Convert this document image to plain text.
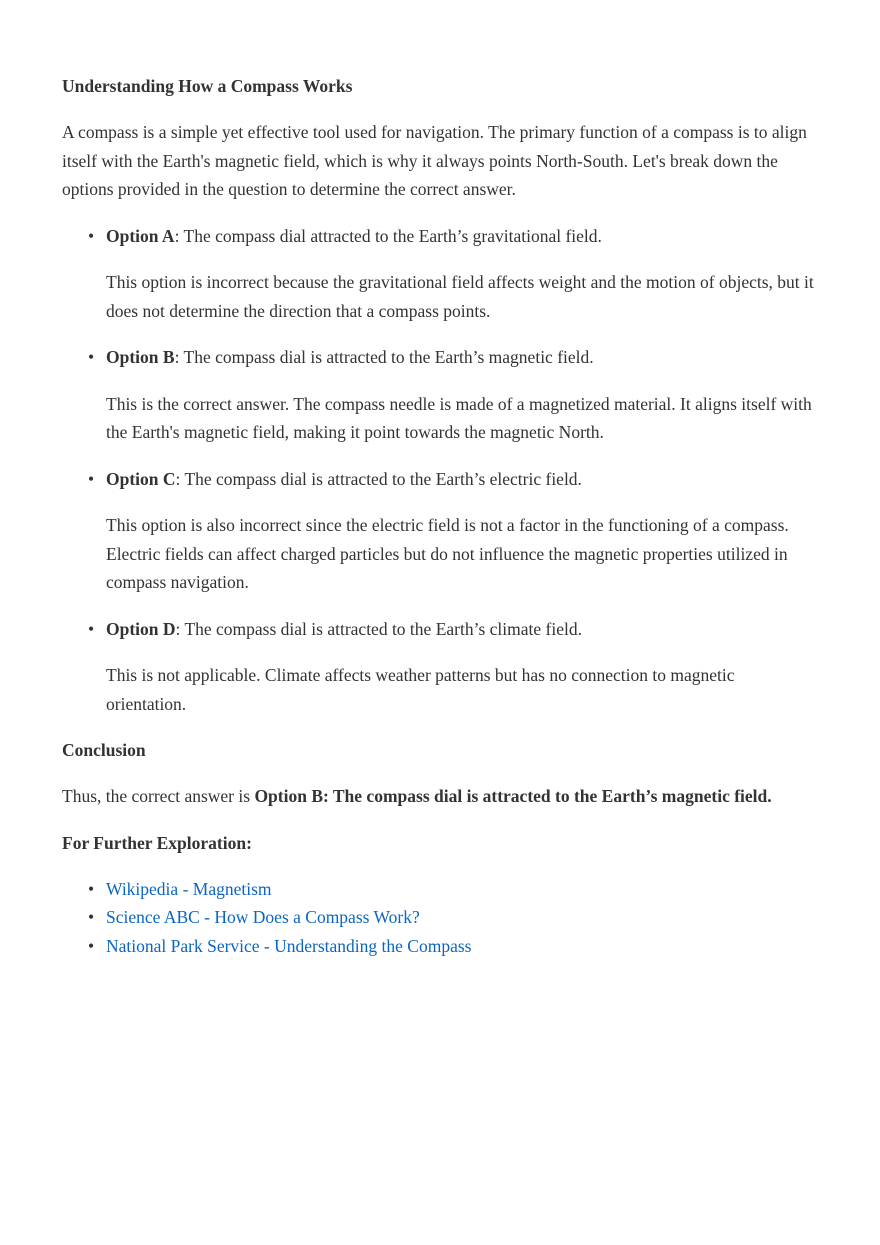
Understanding How a Compass Works

A compass is a simple yet effective tool used for navigation. The primary function of a compass is to align itself with the Earth's magnetic field, which is why it always points North-South. Let's break down the options provided in the question to determine the correct answer.

• Option A: The compass dial attracted to the Earth’s gravitational field.

This option is incorrect because the gravitational field affects weight and the motion of objects, but it does not determine the direction that a compass points.

• Option B: The compass dial is attracted to the Earth’s magnetic field.

This is the correct answer. The compass needle is made of a magnetized material. It aligns itself with the Earth's magnetic field, making it point towards the magnetic North.

• Option C: The compass dial is attracted to the Earth’s electric field.

This option is also incorrect since the electric field is not a factor in the functioning of a compass. Electric fields can affect charged particles but do not influence the magnetic properties utilized in compass navigation.

• Option D: The compass dial is attracted to the Earth’s climate field.

This is not applicable. Climate affects weather patterns but has no connection to magnetic orientation.

Conclusion

Thus, the correct answer is Option B: The compass dial is attracted to the Earth’s magnetic field.

For Further Exploration:
• Wikipedia - Magnetism
• Science ABC - How Does a Compass Work?
• National Park Service - Understanding the Compass
